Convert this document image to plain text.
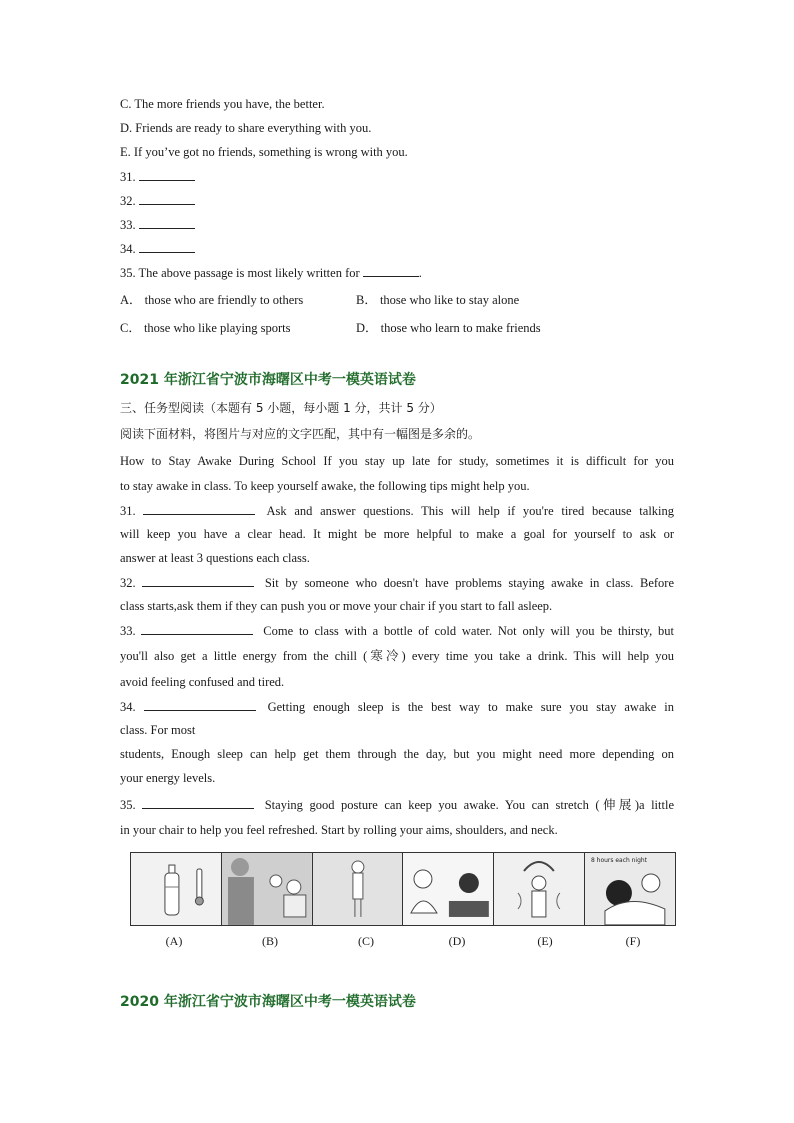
C. The more friends you have, the better.
D. Friends are ready to share everything with you.
E. If you’ve got no friends, something is wrong with you.
31.
32.
33.
34.
35. The above passage is most likely written for	.
A． those who are friendly to others	B． those who like to stay alone
C． those who like playing sports	D． those who learn to make friends
2021 年浙江省宁波市海曙区中考一模英语试卷
三、任务型阅读（本题有 5 小题，每小题 1 分，共计 5 分）
阅读下面材料，将图片与对应的文字匹配，其中有一幅图是多余的。
How to Stay Awake During School If you stay up late for study, sometimes it is difficult for you
to stay awake in class. To keep yourself awake, the following tips might help you.
31.	Ask and answer questions. This will help if you're tired because talking
will keep you have a clear head. It might be more helpful to make a goal for yourself to ask or
answer at least 3 questions each class.
32.	Sit by someone who doesn't have problems staying awake in class. Before
class starts,ask them if they can push you or move your chair if you start to fall asleep.
33.	Come to class with a bottle of cold water. Not only will you be thirsty, but
you'll also get a little energy from the chill (寒冷) every time you take a drink. This will help you
avoid feeling confused and tired.
34.	Getting enough sleep is the best way to make sure you stay awake in
class. For most
students, Enough sleep can help get them through the day, but you might need more depending on
your energy levels.
35.	Staying good posture can keep you awake. You can stretch (伸展)a little
in your chair to help you feel refreshed. Start by rolling your aims, shoulders, and neck.
8 hours each night
(A)	(B)	(C)	(D)	(E)	(F)
2020 年浙江省宁波市海曙区中考一模英语试卷
